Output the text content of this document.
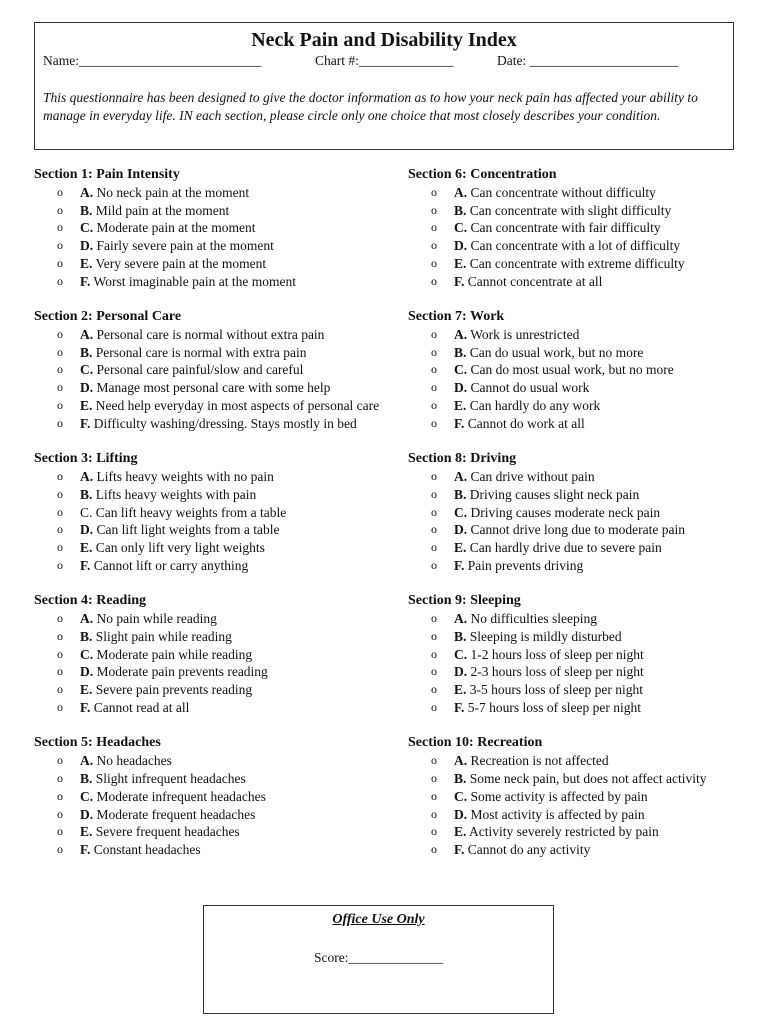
Neck Pain and Disability Index
Name:___________________________	Chart #:______________	Date: ______________________
This questionnaire has been designed to give the doctor information as to how your neck pain has affected your ability to manage in everyday life. IN each section, please circle only one choice that most closely describes your condition.
Section 1: Pain Intensity
o A. No neck pain at the moment
o B. Mild pain at the moment
o C. Moderate pain at the moment
o D. Fairly severe pain at the moment
o E. Very severe pain at the moment
o F. Worst imaginable pain at the moment
Section 2: Personal Care
o A. Personal care is normal without extra pain
o B. Personal care is normal with extra pain
o C. Personal care painful/slow and careful
o D. Manage most personal care with some help
o E. Need help everyday in most aspects of personal care
o F. Difficulty washing/dressing. Stays mostly in bed
Section 3: Lifting
o A. Lifts heavy weights with no pain
o B. Lifts heavy weights with pain
o C. Can lift heavy weights from a table
o D. Can lift light weights from a table
o E. Can only lift very light weights
o F. Cannot lift or carry anything
Section 4: Reading
o A. No pain while reading
o B. Slight pain while reading
o C. Moderate pain while reading
o D. Moderate pain prevents reading
o E. Severe pain prevents reading
o F. Cannot read at all
Section 5: Headaches
o A. No headaches
o B. Slight infrequent headaches
o C. Moderate infrequent headaches
o D. Moderate frequent headaches
o E. Severe frequent headaches
o F. Constant headaches
Section 6: Concentration
o A. Can concentrate without difficulty
o B. Can concentrate with slight difficulty
o C. Can concentrate with fair difficulty
o D. Can concentrate with a lot of difficulty
o E. Can concentrate with extreme difficulty
o F. Cannot concentrate at all
Section 7: Work
o A. Work is unrestricted
o B. Can do usual work, but no more
o C. Can do most usual work, but no more
o D. Cannot do usual work
o E. Can hardly do any work
o F. Cannot do work at all
Section 8: Driving
o A. Can drive without pain
o B. Driving causes slight neck pain
o C. Driving causes moderate neck pain
o D. Cannot drive long due to moderate pain
o E. Can hardly drive due to severe pain
o F. Pain prevents driving
Section 9: Sleeping
o A. No difficulties sleeping
o B. Sleeping is mildly disturbed
o C. 1-2 hours loss of sleep per night
o D. 2-3 hours loss of sleep per night
o E. 3-5 hours loss of sleep per night
o F. 5-7 hours loss of sleep per night
Section 10: Recreation
o A. Recreation is not affected
o B. Some neck pain, but does not affect activity
o C. Some activity is affected by pain
o D. Most activity is affected by pain
o E. Activity severely restricted by pain
o F. Cannot do any activity
Office Use Only
Score:______________
